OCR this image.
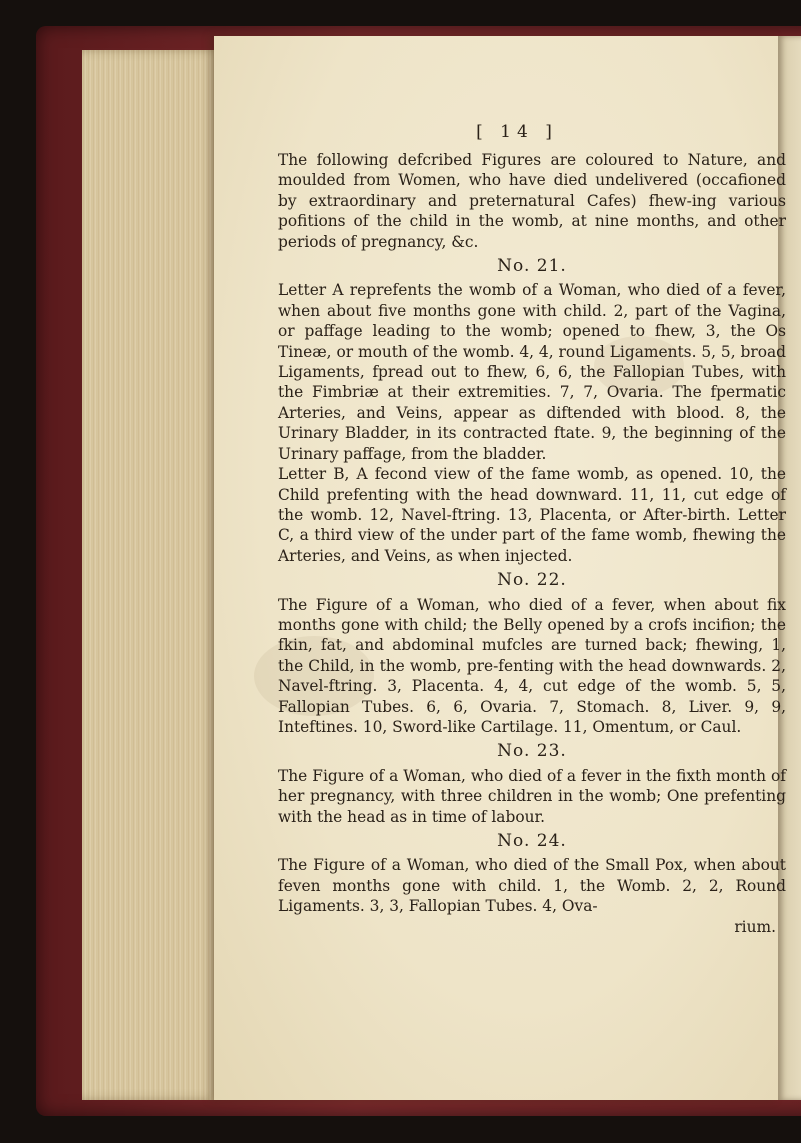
[ 14 ]

The following defcribed Figures are coloured to Nature, and moulded from Women, who have died undelivered (occafioned by extraordinary and preternatural Cafes) fhew-ing various pofitions of the child in the womb, at nine months, and other periods of pregnancy, &c.

No. 21.

Letter A reprefents the womb of a Woman, who died of a fever, when about five months gone with child. 2, part of the Vagina, or paffage leading to the womb; opened to fhew, 3, the Os Tineæ, or mouth of the womb. 4, 4, round Ligaments. 5, 5, broad Ligaments, fpread out to fhew, 6, 6, the Fallopian Tubes, with the Fimbriæ at their extremities. 7, 7, Ovaria. The fpermatic Arteries, and Veins, appear as diftended with blood. 8, the Urinary Bladder, in its contracted ftate. 9, the beginning of the Urinary paffage, from the bladder.

Letter B, A fecond view of the fame womb, as opened. 10, the Child prefenting with the head downward. 11, 11, cut edge of the womb. 12, Navel-ftring. 13, Placenta, or After-birth. Letter C, a third view of the under part of the fame womb, fhewing the Arteries, and Veins, as when injected.

No. 22.

The Figure of a Woman, who died of a fever, when about fix months gone with child; the Belly opened by a crofs incifion; the fkin, fat, and abdominal mufcles are turned back; fhewing, 1, the Child, in the womb, pre-fenting with the head downwards. 2, Navel-ftring. 3, Placenta. 4, 4, cut edge of the womb. 5, 5, Fallopian Tubes. 6, 6, Ovaria. 7, Stomach. 8, Liver. 9, 9, Inteftines. 10, Sword-like Cartilage. 11, Omentum, or Caul.

No. 23.

The Figure of a Woman, who died of a fever in the fixth month of her pregnancy, with three children in the womb; One prefenting with the head as in time of labour.

No. 24.

The Figure of a Woman, who died of the Small Pox, when about feven months gone with child. 1, the Womb. 2, 2, Round Ligaments. 3, 3, Fallopian Tubes. 4, Ova-

rium.
